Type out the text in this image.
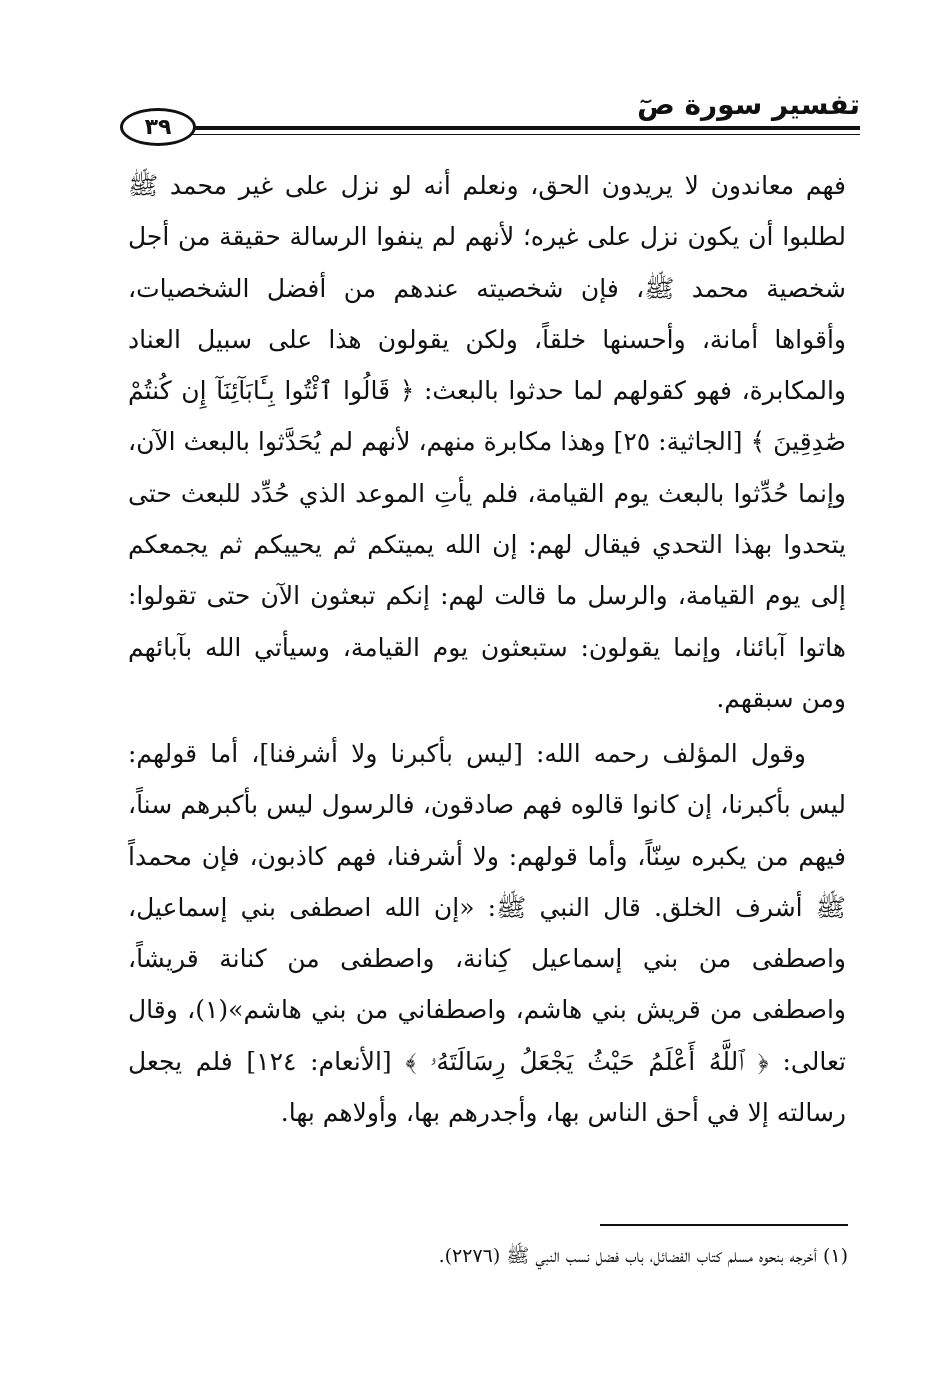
تفسير سورة صٓ
٣٩

فهم معاندون لا يريدون الحق، ونعلم أنه لو نزل على غير محمد ﷺ لطلبوا أن يكون نزل على غيره؛ لأنهم لم ينفوا الرسالة حقيقة من أجل شخصية محمد ﷺ، فإن شخصيته عندهم من أفضل الشخصيات، وأقواها أمانة، وأحسنها خلقاً، ولكن يقولون هذا على سبيل العناد والمكابرة، فهو كقولهم لما حدثوا بالبعث: ﴿ قَالُوا ٱئْتُوا بِـَٔابَآئِنَآ إِن كُنتُمْ صَٰدِقِينَ ﴾ [الجاثية: ٢٥] وهذا مكابرة منهم، لأنهم لم يُحَدَّثوا بالبعث الآن، وإنما حُدِّثوا بالبعث يوم القيامة، فلم يأتِ الموعد الذي حُدِّد للبعث حتى يتحدوا بهذا التحدي فيقال لهم: إن الله يميتكم ثم يحييكم ثم يجمعكم إلى يوم القيامة، والرسل ما قالت لهم: إنكم تبعثون الآن حتى تقولوا: هاتوا آبائنا، وإنما يقولون: ستبعثون يوم القيامة، وسيأتي الله بآبائهم ومن سبقهم.

وقول المؤلف رحمه الله: [ليس بأكبرنا ولا أشرفنا]، أما قولهم: ليس بأكبرنا، إن كانوا قالوه فهم صادقون، فالرسول ليس بأكبرهم سناً، فيهم من يكبره سِنّاً، وأما قولهم: ولا أشرفنا، فهم كاذبون، فإن محمداً ﷺ أشرف الخلق. قال النبي ﷺ: «إن الله اصطفى بني إسماعيل، واصطفى من بني إسماعيل كِنانة، واصطفى من كنانة قريشاً، واصطفى من قريش بني هاشم، واصطفاني من بني هاشم»(١)، وقال تعالى: ﴿ ٱللَّهُ أَعْلَمُ حَيْثُ يَجْعَلُ رِسَالَتَهُۥ ﴾ [الأنعام: ١٢٤] فلم يجعل رسالته إلا في أحق الناس بها، وأجدرهم بها، وأولاهم بها.

(١) أخرجه بنحوه مسلم كتاب الفضائل، باب فضل نسب النبي ﷺ (٢٢٧٦).
